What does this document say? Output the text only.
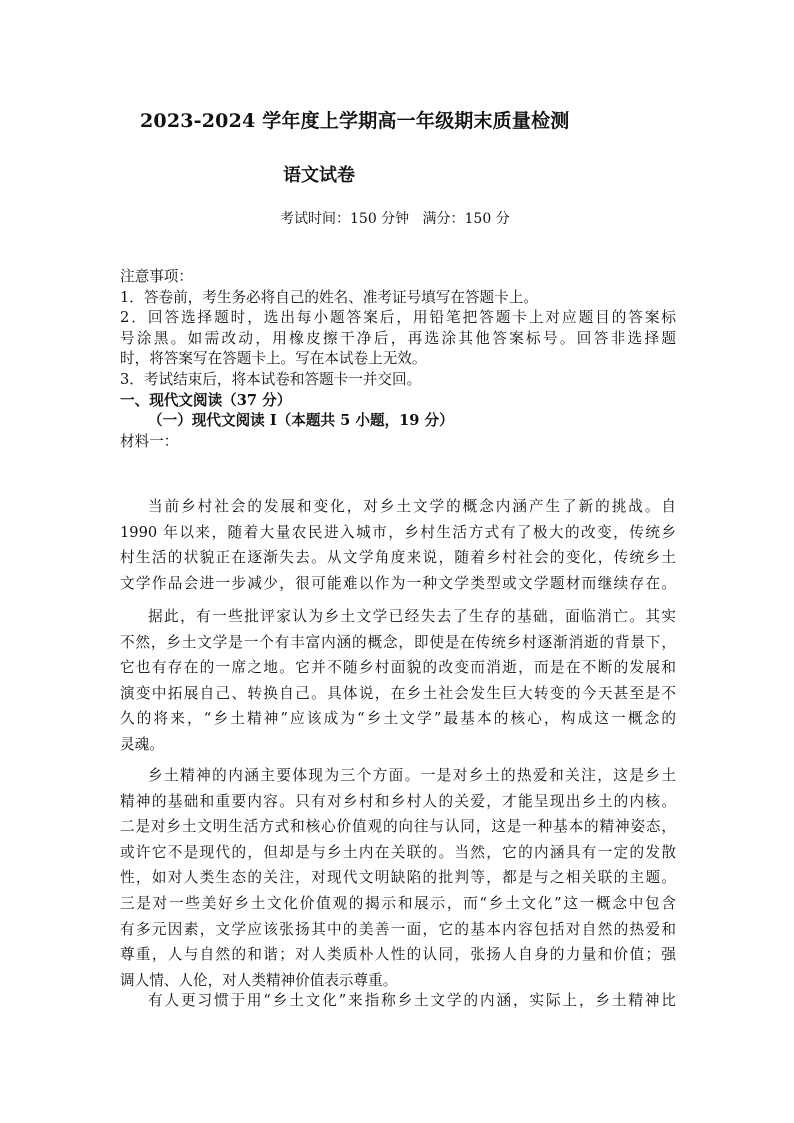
2023-2024 学年度上学期高一年级期末质量检测
语文试卷
考试时间：150 分钟   满分：150 分
注意事项：
1．答卷前，考生务必将自己的姓名、准考证号填写在答题卡上。
2．回答选择题时，选出每小题答案后，用铅笔把答题卡上对应题目的答案标
号涂黑。如需改动，用橡皮擦干净后，再选涂其他答案标号。回答非选择题
时，将答案写在答题卡上。写在本试卷上无效。
3．考试结束后，将本试卷和答题卡一并交回。
一、现代文阅读（37 分）
（一）现代文阅读 I（本题共 5 小题，19 分）
材料一：
当前乡村社会的发展和变化，对乡土文学的概念内涵产生了新的挑战。自
1990 年以来，随着大量农民进入城市，乡村生活方式有了极大的改变，传统乡
村生活的状貌正在逐渐失去。从文学角度来说，随着乡村社会的变化，传统乡土
文学作品会进一步减少，很可能难以作为一种文学类型或文学题材而继续存在。
据此，有一些批评家认为乡土文学已经失去了生存的基础，面临消亡。其实
不然，乡土文学是一个有丰富内涵的概念，即使是在传统乡村逐渐消逝的背景下，
它也有存在的一席之地。它并不随乡村面貌的改变而消逝，而是在不断的发展和
演变中拓展自己、转换自己。具体说，在乡土社会发生巨大转变的今天甚至是不
久的将来，“乡土精神”应该成为“乡土文学”最基本的核心，构成这一概念的
灵魂。
乡土精神的内涵主要体现为三个方面。一是对乡土的热爱和关注，这是乡土
精神的基础和重要内容。只有对乡村和乡村人的关爱，才能呈现出乡土的内核。
二是对乡土文明生活方式和核心价值观的向往与认同，这是一种基本的精神姿态，
或许它不是现代的，但却是与乡土内在关联的。当然，它的内涵具有一定的发散
性，如对人类生态的关注，对现代文明缺陷的批判等，都是与之相关联的主题。
三是对一些美好乡土文化价值观的揭示和展示，而“乡土文化”这一概念中包含
有多元因素，文学应该张扬其中的美善一面，它的基本内容包括对自然的热爱和
尊重，人与自然的和谐；对人类质朴人性的认同，张扬人自身的力量和价值；强
调人情、人伦，对人类精神价值表示尊重。
有人更习惯于用“乡土文化”来指称乡土文学的内涵，实际上，乡土精神比
